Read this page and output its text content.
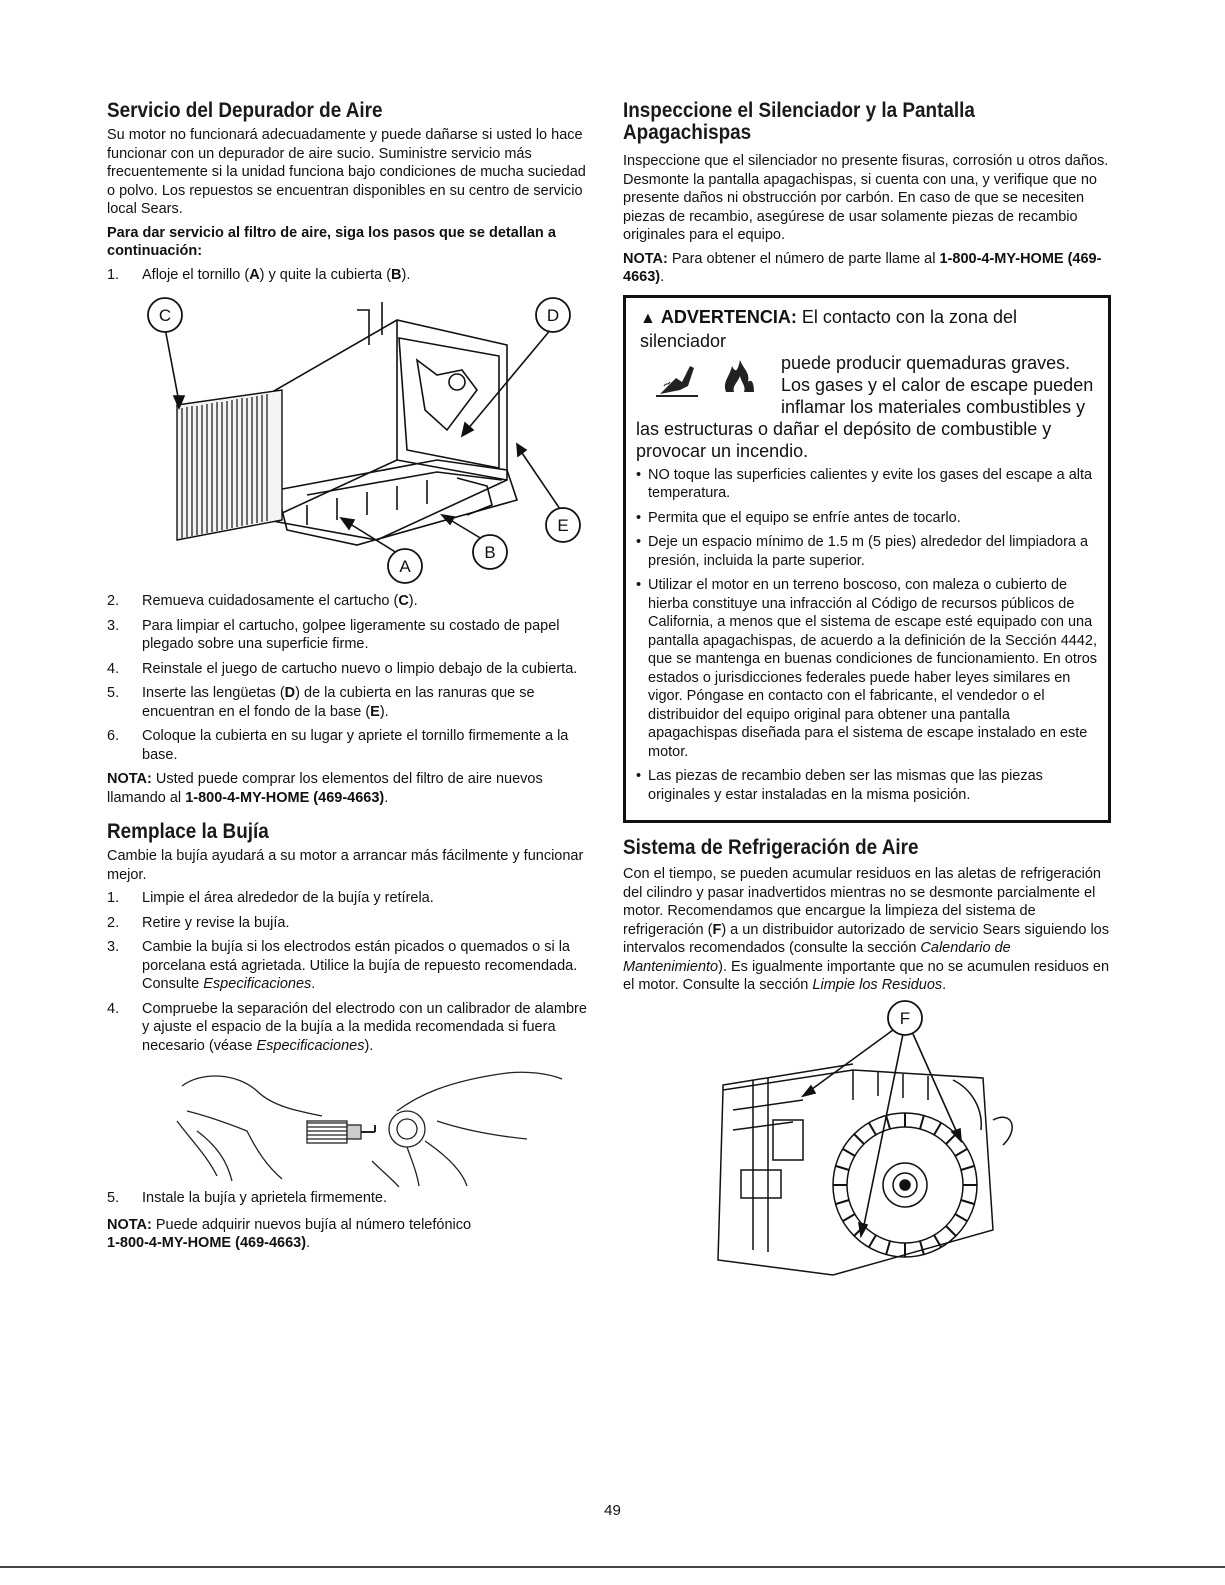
Servicio del Depurador de Aire

Su motor no funcionará adecuadamente y puede dañarse si usted lo hace funcionar con un depurador de aire sucio. Suministre servicio más frecuentemente si la unidad funciona bajo condiciones de mucha suciedad o polvo. Los repuestos se encuentran disponibles en su centro de servicio local Sears.

Para dar servicio al filtro de aire, siga los pasos que se detallan a continuación:

1. Afloje el tornillo (A) y quite la cubierta (B).
C	D
E
A
B
2. Remueva cuidadosamente el cartucho (C).
3. Para limpiar el cartucho, golpee ligeramente su costado de papel plegado sobre una superficie firme.
4. Reinstale el juego de cartucho nuevo o limpio debajo de la cubierta.
5. Inserte las lengüetas (D) de la cubierta en las ranuras que se encuentran en el fondo de la base (E).
6. Coloque la cubierta en su lugar y apriete el tornillo firmemente a la base.

NOTA: Usted puede comprar los elementos del filtro de aire nuevos llamando al 1-800-4-MY-HOME (469-4663).

Remplace la Bujía

Cambie la bujía ayudará a su motor a arrancar más fácilmente y funcionar mejor.

1. Limpie el área alrededor de la bujía y retírela.
2. Retire y revise la bujía.
3. Cambie la bujía si los electrodos están picados o quemados o si la porcelana está agrietada. Utilice la bujía de repuesto recomendada. Consulte Especificaciones.
4. Compruebe la separación del electrodo con un calibrador de alambre y ajuste el espacio de la bujía a la medida recomendada si fuera necesario (véase Especificaciones).
5. Instale la bujía y aprietela firmemente.

NOTA: Puede adquirir nuevos bujía al número telefónico
1-800-4-MY-HOME (469-4663).

Inspeccione el Silenciador y la Pantalla
Apagachispas

Inspeccione que el silenciador no presente fisuras, corrosión u otros daños. Desmonte la pantalla apagachispas, si cuenta con una, y verifique que no presente daños ni obstrucción por carbón. En caso de que se necesiten piezas de recambio, asegúrese de usar solamente piezas de recambio originales para el equipo.

NOTA: Para obtener el número de parte llame al 1-800-4-MY-HOME (469-4663).

▲ ADVERTENCIA: El contacto con la zona del silenciador
puede producir quemaduras graves.
Los gases y el calor de escape pueden
inflamar los materiales combustibles y
las estructuras o dañar el depósito de combustible y
provocar un incendio.
• NO toque las superficies calientes y evite los gases del escape a alta temperatura.
• Permita que el equipo se enfríe antes de tocarlo.
• Deje un espacio mínimo de 1.5 m (5 pies) alrededor del limpiadora a presión, incluida la parte superior.
• Utilizar el motor en un terreno boscoso, con maleza o cubierto de hierba constituye una infracción al Código de recursos públicos de California, a menos que el sistema de escape esté equipado con una pantalla apagachispas, de acuerdo a la definición de la Sección 4442, que se mantenga en buenas condiciones de funcionamiento. En otros estados o jurisdicciones federales puede haber leyes similares en vigor. Póngase en contacto con el fabricante, el vendedor o el distribuidor del equipo original para obtener una pantalla apagachispas diseñada para el sistema de escape instalado en este motor.
• Las piezas de recambio deben ser las mismas que las piezas originales y estar instaladas en la misma posición.
Sistema de Refrigeración de Aire

Con el tiempo, se pueden acumular residuos en las aletas de refrigeración del cilindro y pasar inadvertidos mientras no se desmonte parcialmente el motor. Recomendamos que encargue la limpieza del sistema de refrigeración (F) a un distribuidor autorizado de servicio Sears siguiendo los intervalos recomendados (consulte la sección Calendario de Mantenimiento). Es igualmente importante que no se acumulen residuos en el motor. Consulte la sección Limpie los Residuos.

F
49
